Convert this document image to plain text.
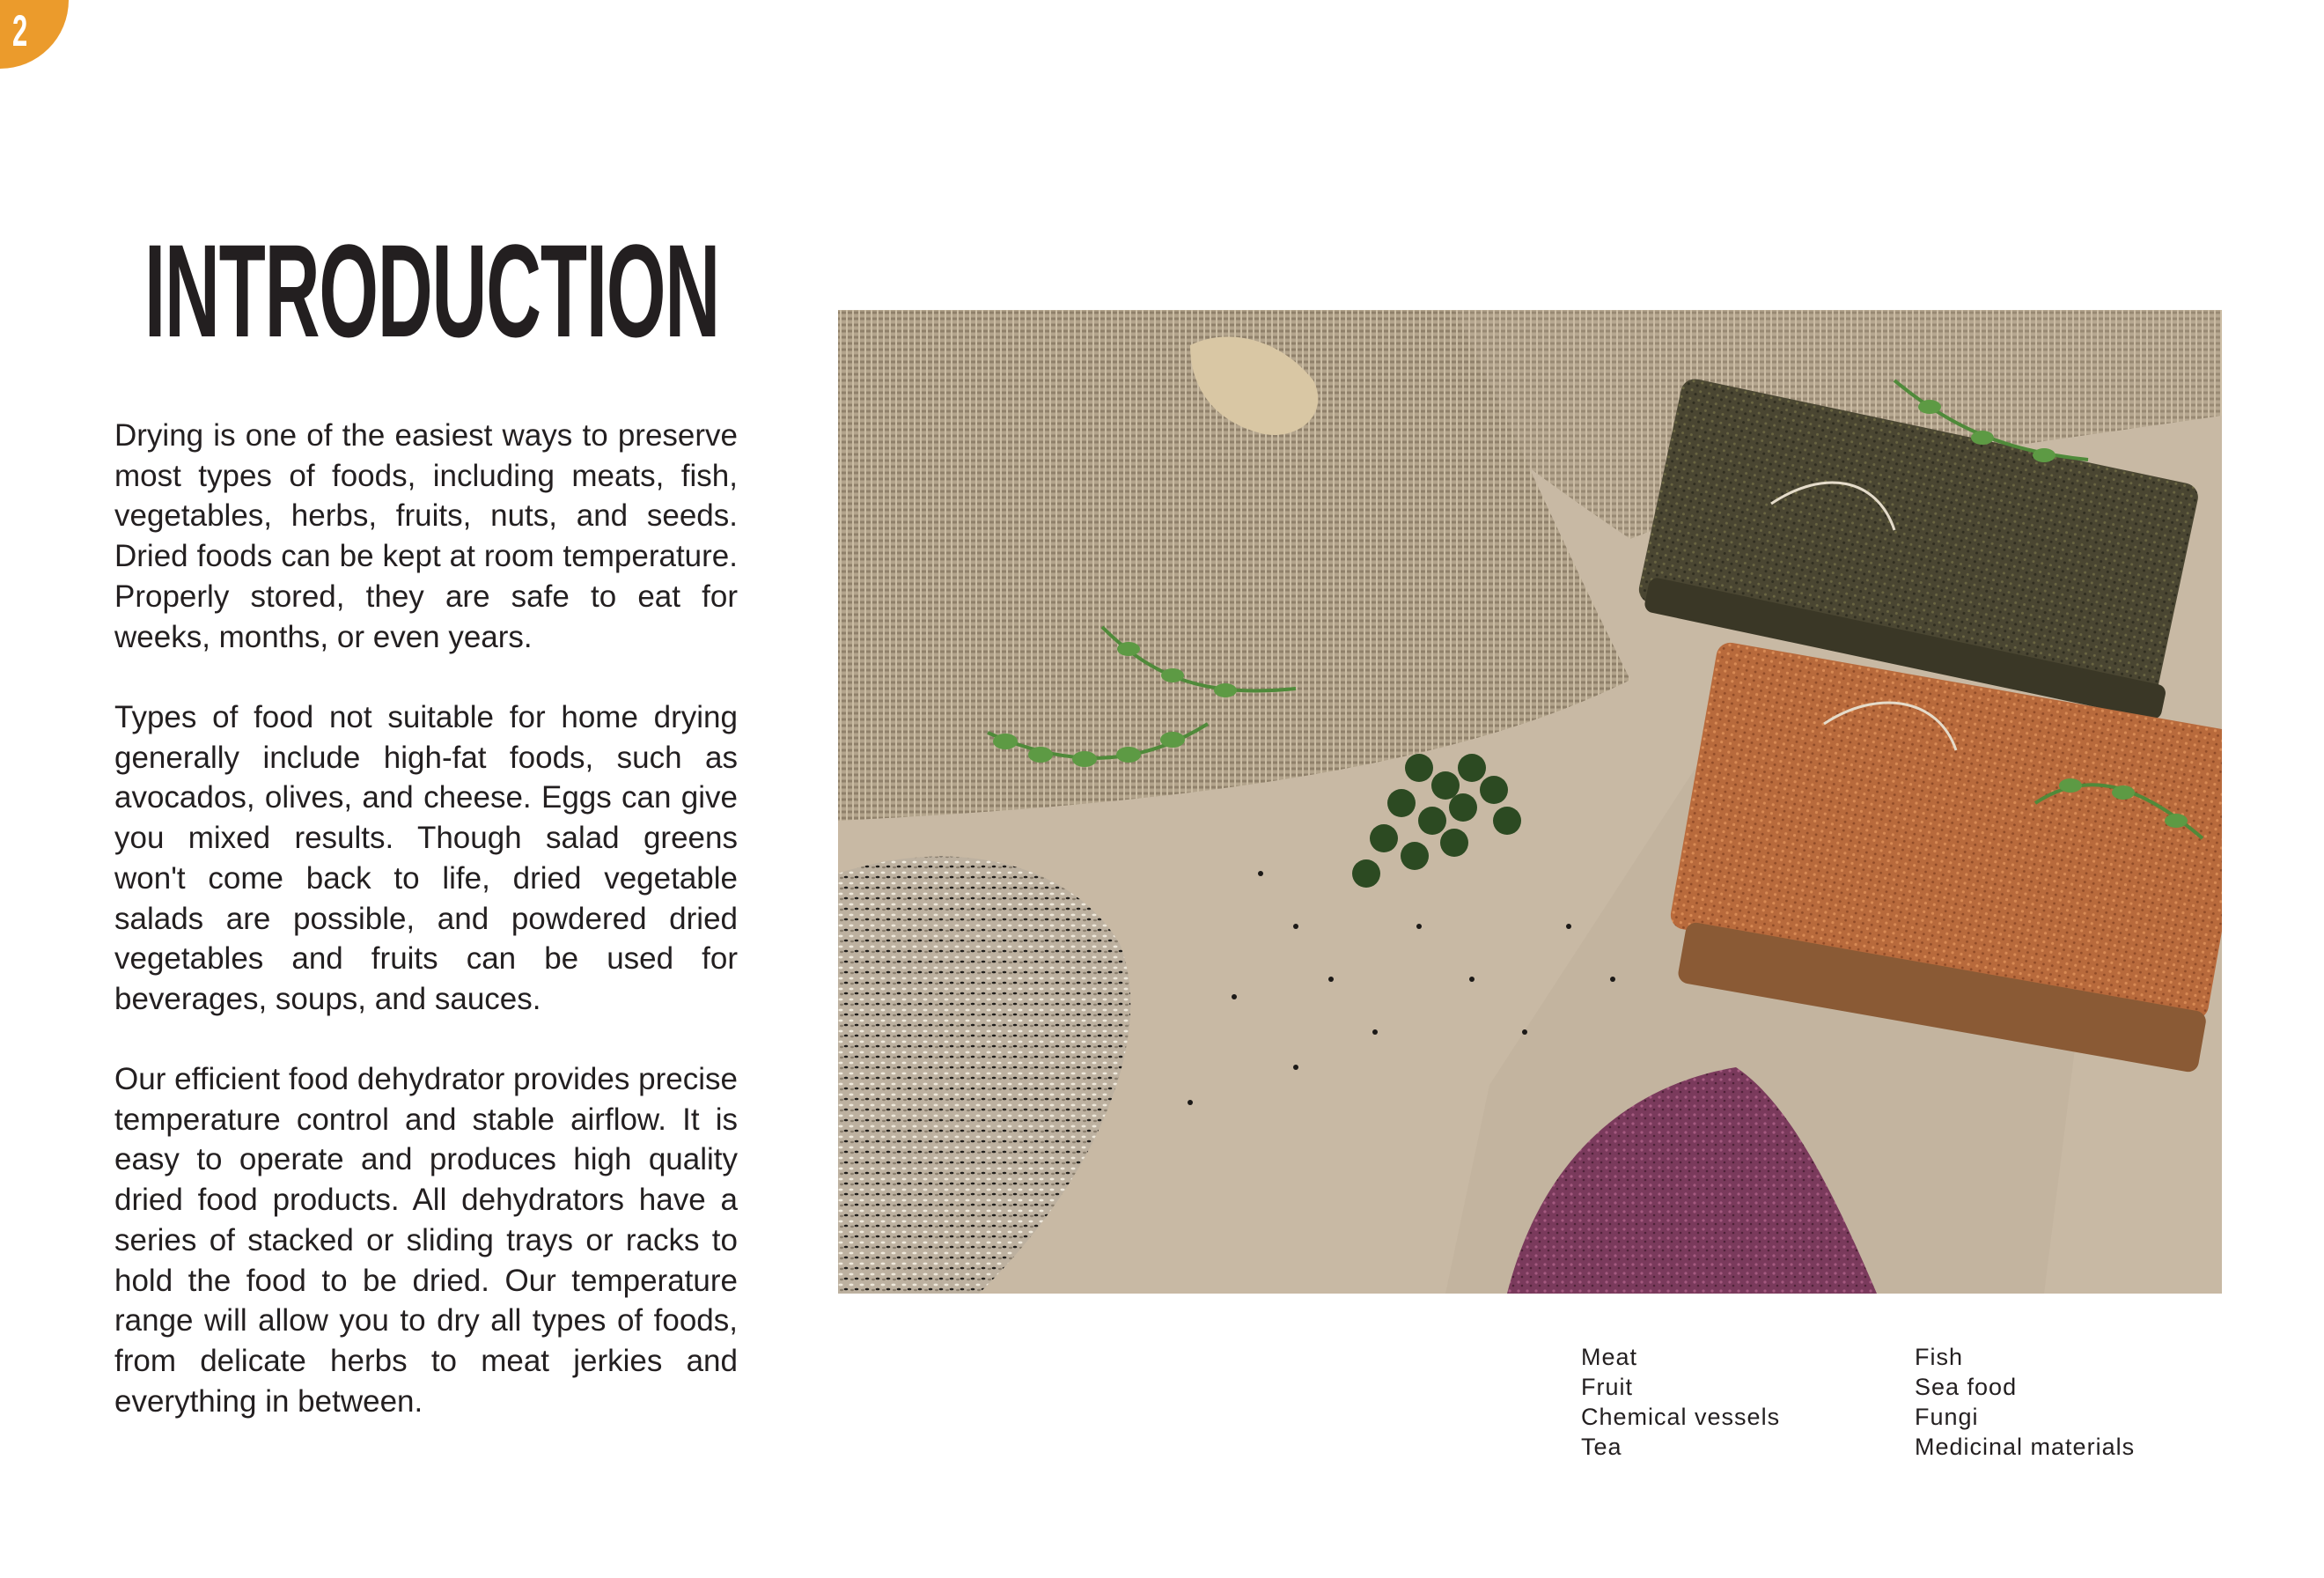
2
INTRODUCTION

Drying is one of the easiest ways to preserve most types of foods, including meats, fish, vegetables, herbs, fruits, nuts, and seeds. Dried foods can be kept at room temperature. Properly stored, they are safe to eat for weeks, months, or even years.

Types of food not suitable for home drying generally include high-fat foods, such as avocados, olives, and cheese. Eggs can give you mixed results. Though salad greens won't come back to life, dried vegetable salads are possible, and powdered dried vegetables and fruits can be used for beverages, soups, and sauces.

Our efficient food dehydrator provides precise temperature control and stable airflow. It is easy to operate and produces high quality dried food products. All dehydrators have a series of stacked or sliding trays or racks to hold the food to be dried. Our temperature range will allow you to dry all types of foods, from delicate herbs to meat jerkies and everything in between.

Meat
Fruit
Chemical vessels
Tea
Fish
Sea food
Fungi
Medicinal materials
